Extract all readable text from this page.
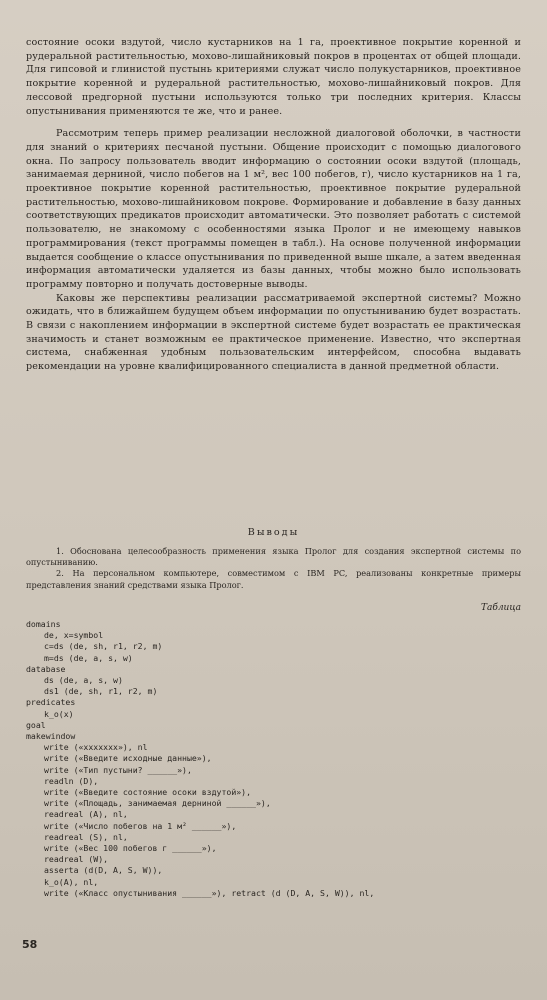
состояние осоки вздутой, число кустарников на 1 га, проективное покрытие коренной и рудеральной растительностью, мохово-лишайниковый покров в процентах от общей площади. Для гипсовой и глинистой пустынь критериями служат число полукустарников, проективное покрытие коренной и рудеральной растительностью, мохово-лишайниковый покров. Для лессовой предгорной пустыни используются только три последних критерия. Классы опустынивания применяются те же, что и ранее.

Рассмотрим теперь пример реализации несложной диалоговой оболочки, в частности для знаний о критериях песчаной пустыни. Общение происходит с помощью диалогового окна. По запросу пользователь вводит информацию о состоянии осоки вздутой (площадь, занимаемая дерниной, число побегов на 1 м², вес 100 побегов, г), число кустарников на 1 га, проективное покрытие коренной растительностью, проективное покрытие рудеральной растительностью, мохово-лишайниковом покрове. Формирование и добавление в базу данных соответствующих предикатов происходит автоматически. Это позволяет работать с системой пользователю, не знакомому с особенностями языка Пролог и не имеющему навыков программирования (текст программы помещен в табл.). На основе полученной информации выдается сообщение о классе опустынивания по приведенной выше шкале, а затем введенная информация автоматически удаляется из базы данных, чтобы можно было использовать программу повторно и получать достоверные выводы.

Каковы же перспективы реализации рассматриваемой экспертной системы? Можно ожидать, что в ближайшем будущем объем информации по опустыниванию будет возрастать. В связи с накоплением информации в экспертной системе будет возрастать ее практическая значимость и станет возможным ее практическое применение. Известно, что экспертная система, снабженная удобным пользовательским интерфейсом, способна выдавать рекомендации на уровне квалифицированного специалиста в данной предметной области.

Выводы

1. Обоснована целесообразность применения языка Пролог для создания экспертной системы по опустыниванию.

2. На персональном компьютере, совместимом с IBM PC, реализованы конкретные примеры представления знаний средствами языка Пролог.

Таблица

domains
de, x=symbol
c=ds (de, sh, r1, r2, m)
m=ds (de, a, s, w)
database
ds (de, a, s, w)
ds1 (de, sh, r1, r2, m)
predicates
k_o(x)
goal
makewindow
write («xxxxxxx»), nl
write («Введите исходные данные»),
write («Тип пустыни? ______»),
readln (D),
write («Введите состояние осоки вздутой»),
write («Площадь, занимаемая дерниной ______»),
readreal (A), nl,
write («Число побегов на 1 м² ______»),
readreal (S), nl,
write («Вес 100 побегов г ______»),
readreal (W),
asserta (d(D, A, S, W)),
k_o(A), nl,
write («Класс опустынивания ______»), retract (d (D, A, S, W)), nl,
58
